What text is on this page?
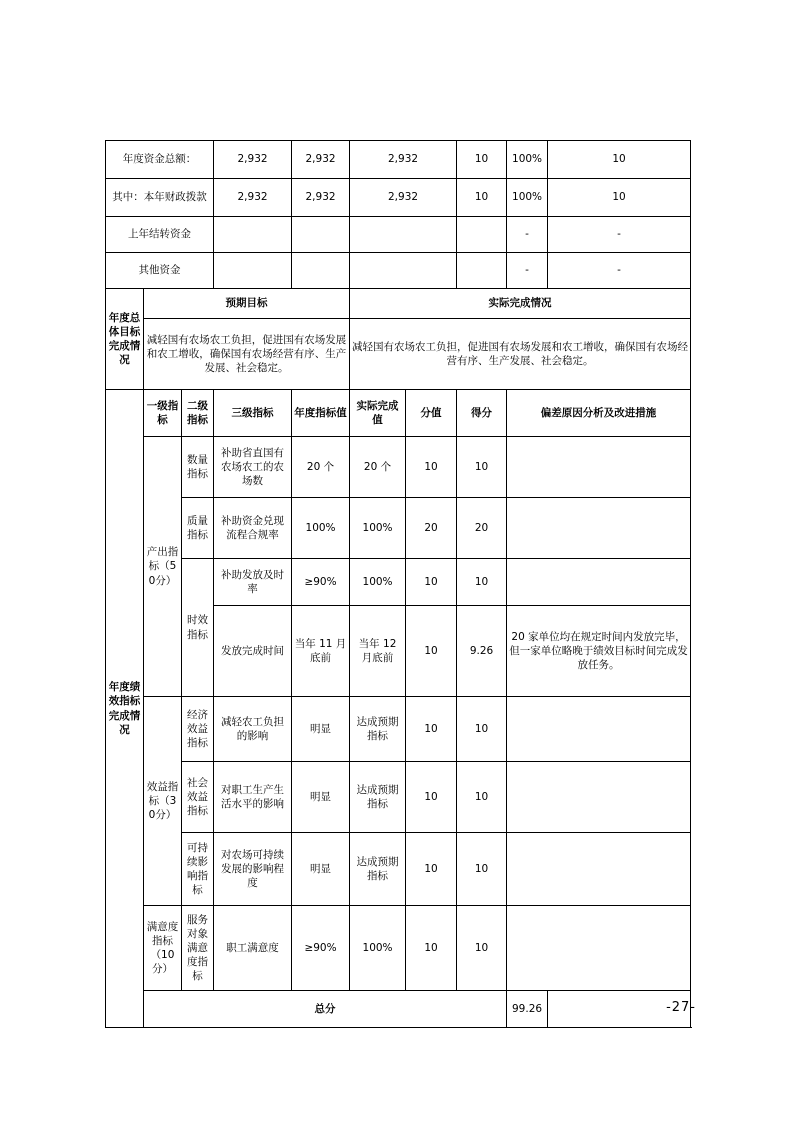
年度资金总额：			2,932	2,932	2,932		10	100%	10
其中：本年财政拨款			2,932	2,932	2,932		10	100%	10
上年结转资金								-	-
其他资金								-	-
年度总体目标完成情况	预期目标				实际完成情况				
	减轻国有农场农工负担，促进国有农场发展和农工增收，确保国有农场经营有序、生产发展、社会稳定。				减轻国有农场农工负担，促进国有农场发展和农工增收，确保国有农场经营有序、生产发展、社会稳定。				
年度绩效指标完成情况	一级指标	二级指标	三级指标	年度指标值	实际完成值	分值	得分	偏差原因分析及改进措施	
	产出指标（50分）	数量指标	补助省直国有农场农工的农场数	20 个	20 个	10	10		
		质量指标	补助资金兑现流程合规率	100%	100%	20	20		
		时效指标	补助发放及时率	≥90%	100%	10	10		
			发放完成时间	当年 11 月底前	当年 12 月底前	10	9.26	20 家单位均在规定时间内发放完毕，但一家单位略晚于绩效目标时间完成发放任务。	
	效益指标（30分）	经济效益指标	减轻农工负担的影响	明显	达成预期指标	10	10		
		社会效益指标	对职工生产生活水平的影响	明显	达成预期指标	10	10		
		可持续影响指标	对农场可持续发展的影响程度	明显	达成预期指标	10	10		
	满意度指标（10分）	服务对象满意度指标	职工满意度	≥90%	100%	10	10		
	总分							99.26		-27-
